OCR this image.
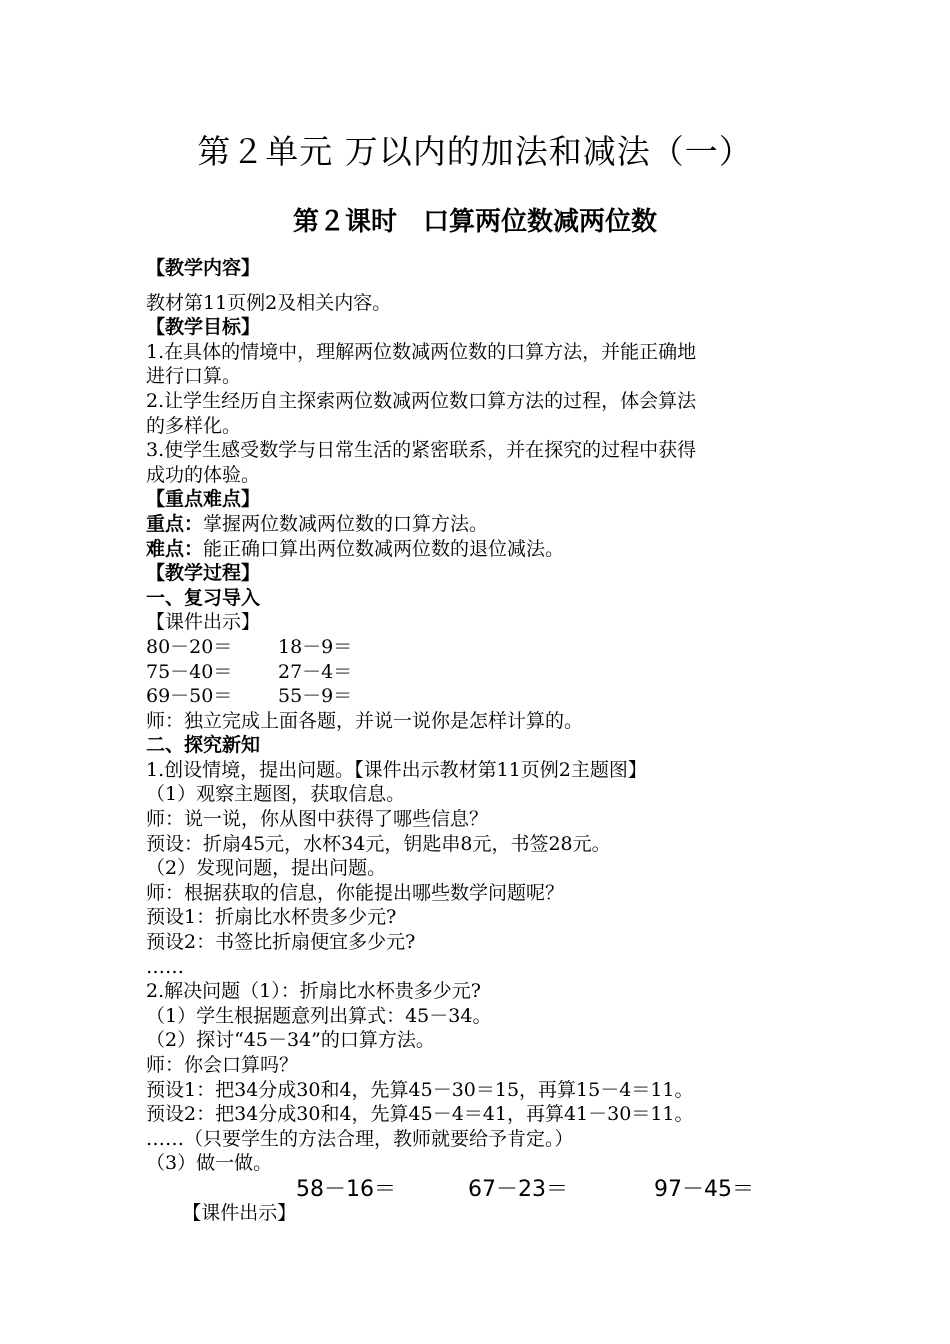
第２单元 万以内的加法和减法（一）
第２课时　口算两位数减两位数

【教学内容】

教材第11页例2及相关内容。

【教学目标】

1.在具体的情境中，理解两位数减两位数的口算方法，并能正确地

进行口算。

2.让学生经历自主探索两位数减两位数口算方法的过程，体会算法

的多样化。

3.使学生感受数学与日常生活的紧密联系，并在探究的过程中获得

成功的体验。

【重点难点】

重点：掌握两位数减两位数的口算方法。

难点：能正确口算出两位数减两位数的退位减法。

【教学过程】

一、复习导入

【课件出示】

80－20＝	18－9＝
75－40＝	27－4＝
69－50＝	55－9＝

师：独立完成上面各题，并说一说你是怎样计算的。

二、探究新知

1.创设情境，提出问题。【课件出示教材第11页例2主题图】

（1）观察主题图，获取信息。

师：说一说，你从图中获得了哪些信息？

预设：折扇45元，水杯34元，钥匙串8元，书签28元。

（2）发现问题，提出问题。

师：根据获取的信息，你能提出哪些数学问题呢？

预设1：折扇比水杯贵多少元?

预设2：书签比折扇便宜多少元?

……

2.解决问题（1）：折扇比水杯贵多少元?

（1）学生根据题意列出算式：45－34。

（2）探讨“45－34”的口算方法。

师：你会口算吗？

预设1：把34分成30和4，先算45－30＝15，再算15－4＝11。

预设2：把34分成30和4，先算45－4＝41，再算41－30＝11。

……（只要学生的方法合理，教师就要给予肯定。）

（3）做一做。

【课件出示】

58－16＝	67－23＝	97－45＝
